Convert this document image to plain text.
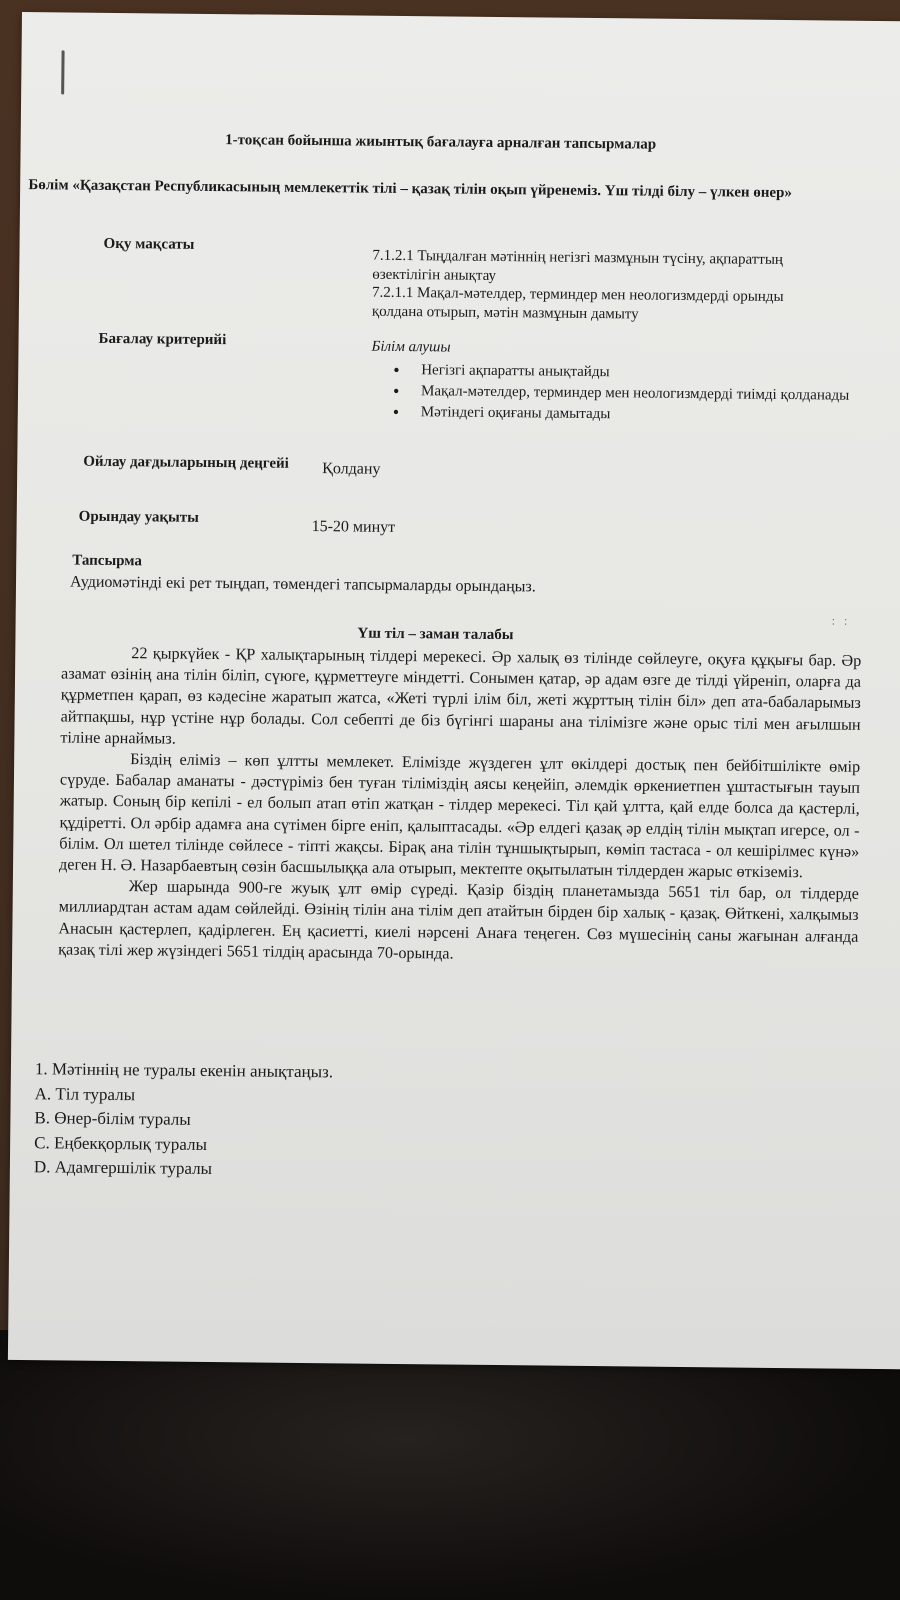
1-тоқсан бойынша жиынтық бағалауға арналған тапсырмалар
Бөлім «Қазақстан Республикасының мемлекеттік тілі – қазақ тілін оқып үйренеміз. Үш тілді білу – үлкен өнер»
Оқу мақсаты
7.1.2.1 Тыңдалған мәтіннің негізгі мазмұнын түсіну, ақпараттың өзектілігін анықтау
7.2.1.1 Мақал-мәтелдер, терминдер мен неологизмдерді орынды қолдана отырып, мәтін мазмұнын дамыту
Бағалау критерийі	Білім алушы
• Негізгі ақпаратты анықтайды
• Мақал-мәтелдер, терминдер мен неологизмдерді тиімді қолданады
• Мәтіндегі оқиғаны дамытады
Ойлау дағдыларының деңгейі Қолдану
Орындау уақыты
15-20 минут
Тапсырма
Аудиомәтінді екі рет тыңдап, төмендегі тапсырмаларды орындаңыз.
: :
Үш тіл – заман талабы

22 қыркүйек - ҚР халықтарының тілдері мерекесі. Әр халық өз тілінде сөйлеуге, оқуға құқығы бар. Әр азамат өзінің ана тілін біліп, сүюге, құрметтеуге міндетті. Сонымен қатар, әр адам өзге де тілді үйреніп, оларға да құрметпен қарап, өз кәдесіне жаратып жатса, «Жеті түрлі ілім біл, жеті жұрттың тілін біл» деп ата-бабаларымыз айтпақшы, нұр үстіне нұр болады. Сол себепті де біз бүгінгі шараны ана тілімізге және орыс тілі мен ағылшын тіліне арнаймыз.

Біздің еліміз – көп ұлтты мемлекет. Елімізде жүздеген ұлт өкілдері достық пен бейбітшілікте өмір сүруде. Бабалар аманаты - дәстүріміз бен туған тіліміздің аясы кеңейіп, әлемдік өркениетпен ұштастығын тауып жатыр. Соның бір кепілі - ел болып атап өтіп жатқан - тілдер мерекесі. Тіл қай ұлтта, қай елде болса да қастерлі, құдіретті. Ол әрбір адамға ана сүтімен бірге еніп, қалыптасады. «Әр елдегі қазақ әр елдің тілін мықтап игерсе, ол - білім. Ол шетел тілінде сөйлесе - тіпті жақсы. Бірақ ана тілін тұншықтырып, көміп тастаса - ол кешірілмес күнә» деген Н. Ә. Назарбаевтың сөзін басшылыққа ала отырып, мектепте оқытылатын тілдерден жарыс өткіземіз.

Жер шарында 900-ге жуық ұлт өмір сүреді. Қазір біздің планетамызда 5651 тіл бар, ол тілдерде миллиардтан астам адам сөйлейді. Өзінің тілін ана тілім деп атайтын бірден бір халық - қазақ. Өйткені, халқымыз Анасын қастерлеп, қадірлеген. Ең қасиетті, киелі нәрсені Анаға теңеген. Сөз мүшесінің саны жағынан алғанда қазақ тілі жер жүзіндегі 5651 тілдің арасында 70-орында.

1. Мәтіннің не туралы екенін анықтаңыз.
A. Тіл туралы
B. Өнер-білім туралы
C. Еңбекқорлық туралы
D. Адамгершілік туралы
